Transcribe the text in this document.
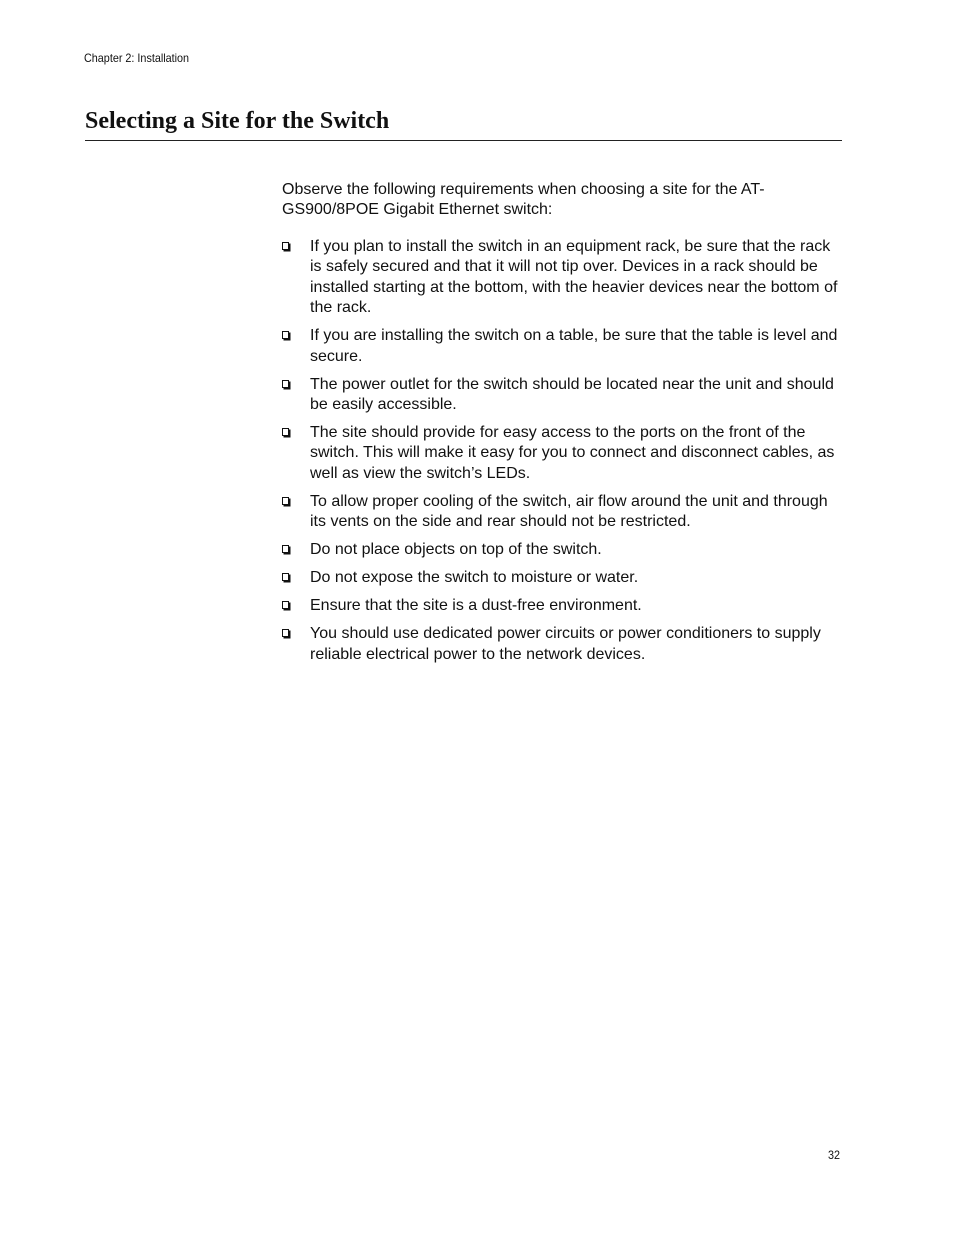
Chapter 2: Installation
Selecting a Site for the Switch

Observe the following requirements when choosing a site for the AT-GS900/8POE Gigabit Ethernet switch:

If you plan to install the switch in an equipment rack, be sure that the rack is safely secured and that it will not tip over. Devices in a rack should be installed starting at the bottom, with the heavier devices near the bottom of the rack.
If you are installing the switch on a table, be sure that the table is level and secure.
The power outlet for the switch should be located near the unit and should be easily accessible.
The site should provide for easy access to the ports on the front of the switch. This will make it easy for you to connect and disconnect cables, as well as view the switch’s LEDs.
To allow proper cooling of the switch, air flow around the unit and through its vents on the side and rear should not be restricted.
Do not place objects on top of the switch.
Do not expose the switch to moisture or water.
Ensure that the site is a dust-free environment.
You should use dedicated power circuits or power conditioners to supply reliable electrical power to the network devices.
32
